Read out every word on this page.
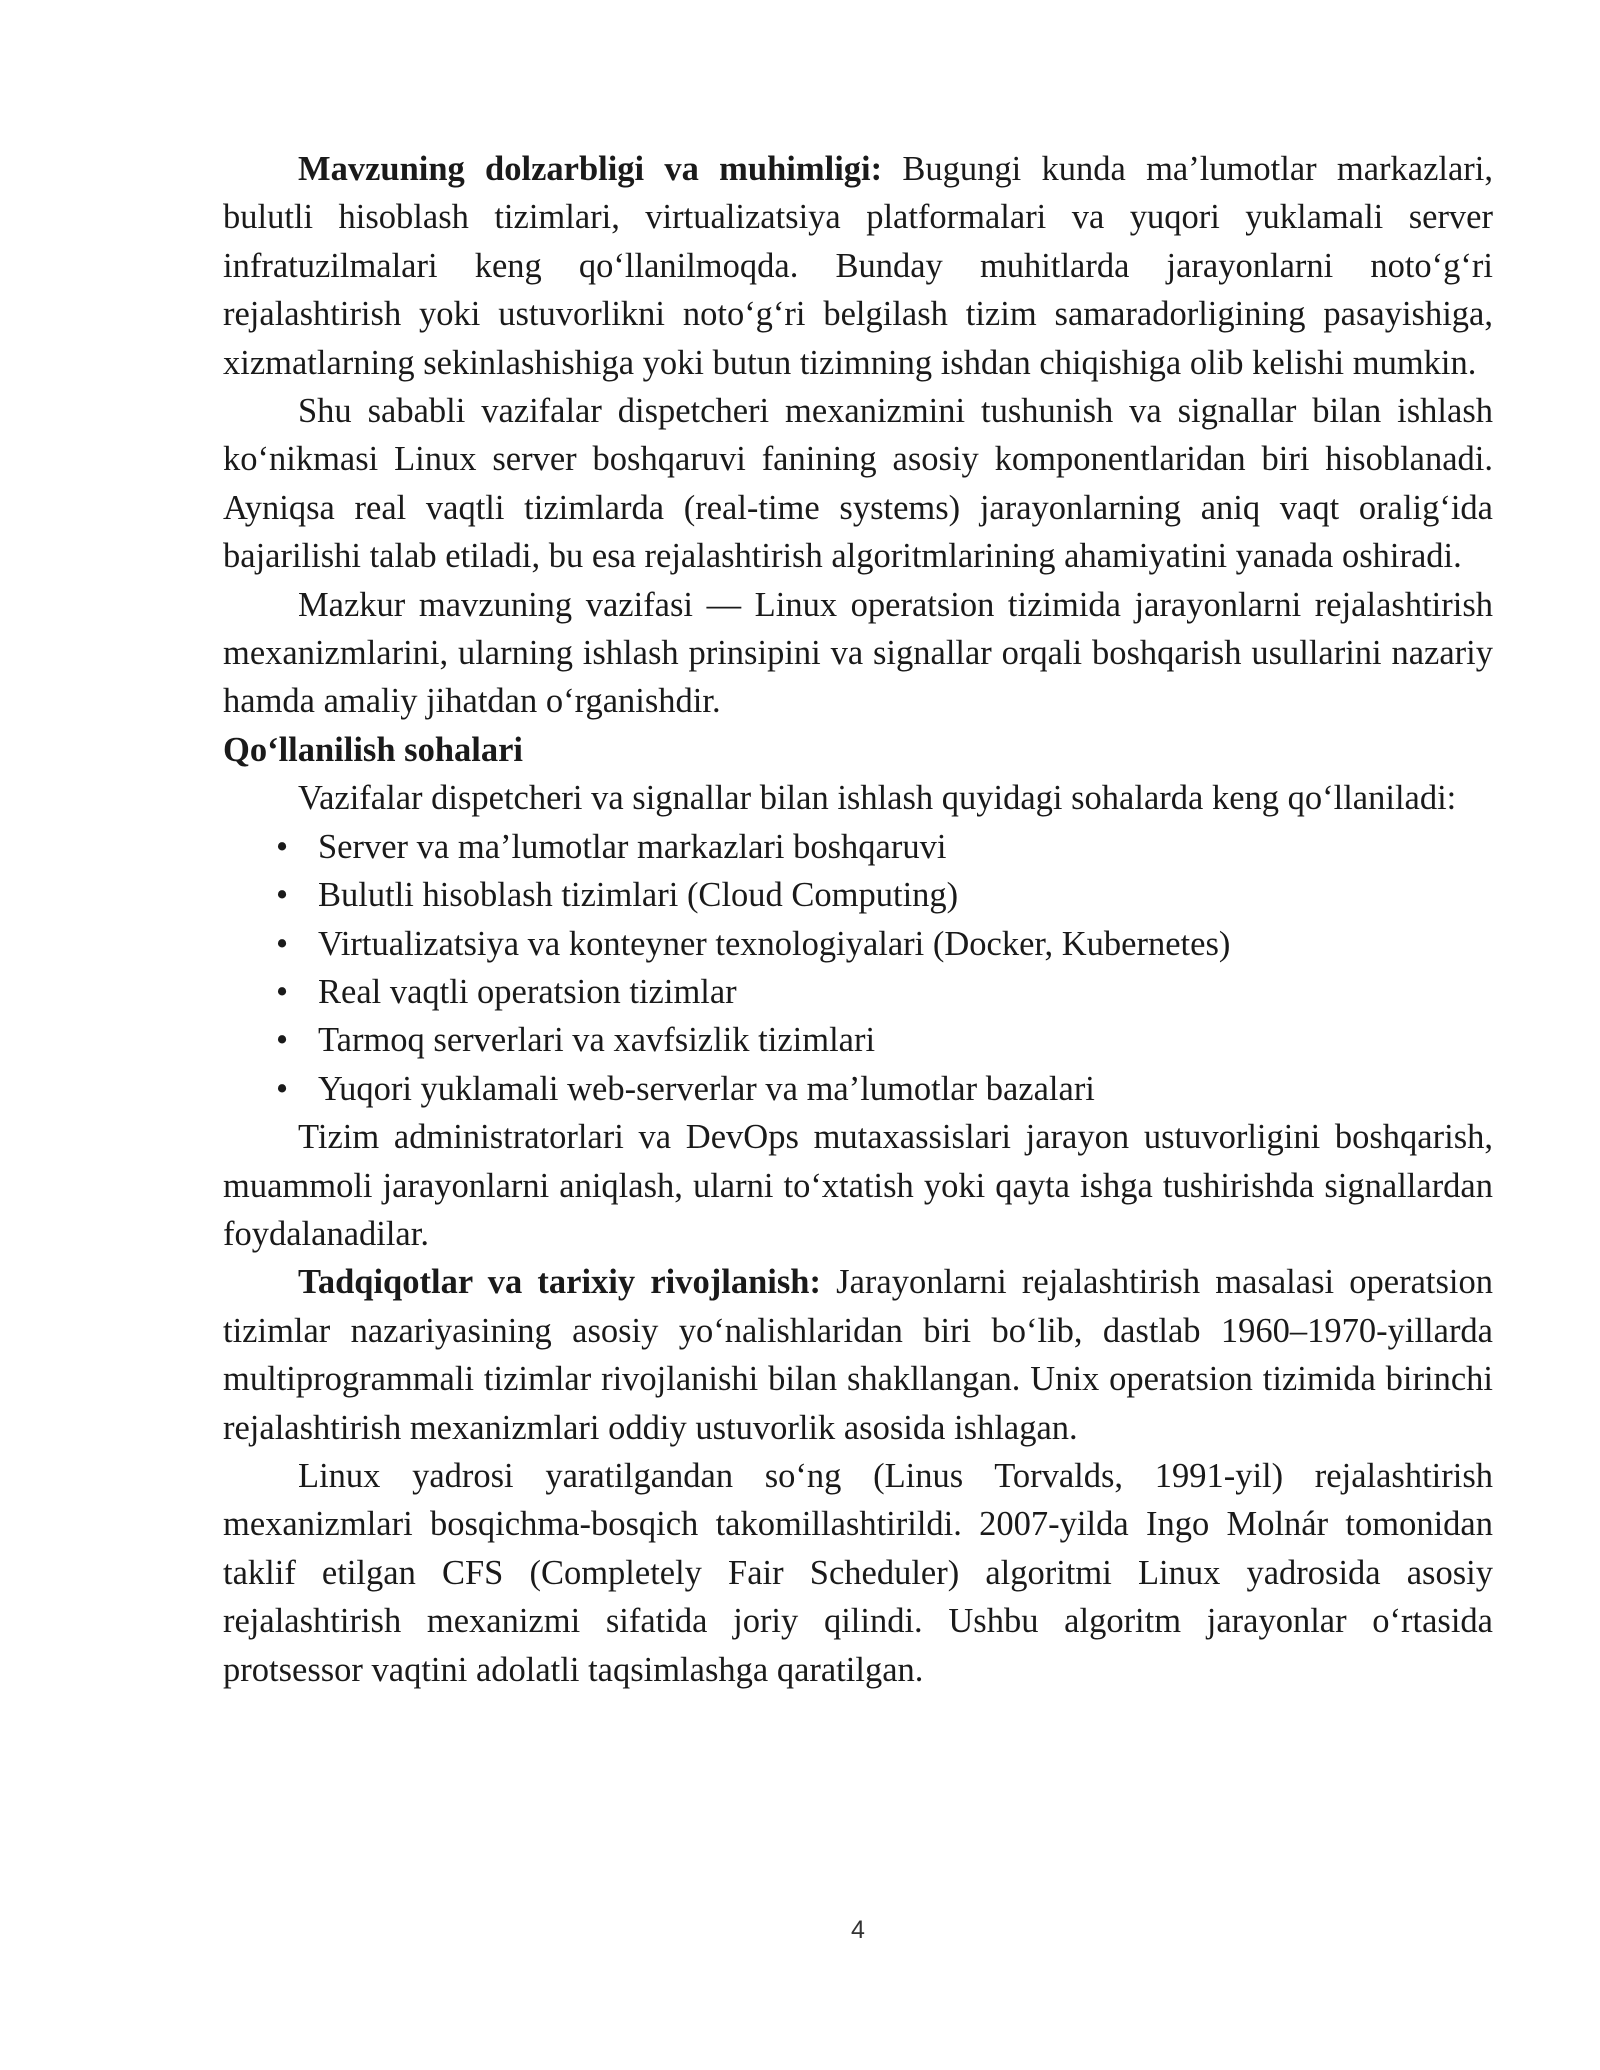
Mavzuning dolzarbligi va muhimligi: Bugungi kunda ma’lumotlar markazlari, bulutli hisoblash tizimlari, virtualizatsiya platformalari va yuqori yuklamali server infratuzilmalari keng qo‘llanilmoqda. Bunday muhitlarda jarayonlarni noto‘g‘ri rejalashtirish yoki ustuvorlikni noto‘g‘ri belgilash tizim samaradorligining pasayishiga, xizmatlarning sekinlashishiga yoki butun tizimning ishdan chiqishiga olib kelishi mumkin.

Shu sababli vazifalar dispetcheri mexanizmini tushunish va signallar bilan ishlash ko‘nikmasi Linux server boshqaruvi fanining asosiy komponentlaridan biri hisoblanadi. Ayniqsa real vaqtli tizimlarda (real-time systems) jarayonlarning aniq vaqt oralig‘ida bajarilishi talab etiladi, bu esa rejalashtirish algoritmlarining ahamiyatini yanada oshiradi.

Mazkur mavzuning vazifasi — Linux operatsion tizimida jarayonlarni rejalashtirish mexanizmlarini, ularning ishlash prinsipini va signallar orqali boshqarish usullarini nazariy hamda amaliy jihatdan o‘rganishdir.

Qo‘llanilish sohalari

Vazifalar dispetcheri va signallar bilan ishlash quyidagi sohalarda keng qo‘llaniladi:

• Server va ma’lumotlar markazlari boshqaruvi
• Bulutli hisoblash tizimlari (Cloud Computing)
• Virtualizatsiya va konteyner texnologiyalari (Docker, Kubernetes)
• Real vaqtli operatsion tizimlar
• Tarmoq serverlari va xavfsizlik tizimlari
• Yuqori yuklamali web-serverlar va ma’lumotlar bazalari

Tizim administratorlari va DevOps mutaxassislari jarayon ustuvorligini boshqarish, muammoli jarayonlarni aniqlash, ularni to‘xtatish yoki qayta ishga tushirishda signallardan foydalanadilar.

Tadqiqotlar va tarixiy rivojlanish: Jarayonlarni rejalashtirish masalasi operatsion tizimlar nazariyasining asosiy yo‘nalishlaridan biri bo‘lib, dastlab 1960–1970-yillarda multiprogrammali tizimlar rivojlanishi bilan shakllangan. Unix operatsion tizimida birinchi rejalashtirish mexanizmlari oddiy ustuvorlik asosida ishlagan.

Linux yadrosi yaratilgandan so‘ng (Linus Torvalds, 1991-yil) rejalashtirish mexanizmlari bosqichma-bosqich takomillashtirildi. 2007-yilda Ingo Molnár tomonidan taklif etilgan CFS (Completely Fair Scheduler) algoritmi Linux yadrosida asosiy rejalashtirish mexanizmi sifatida joriy qilindi. Ushbu algoritm jarayonlar o‘rtasida protsessor vaqtini adolatli taqsimlashga qaratilgan.

4
